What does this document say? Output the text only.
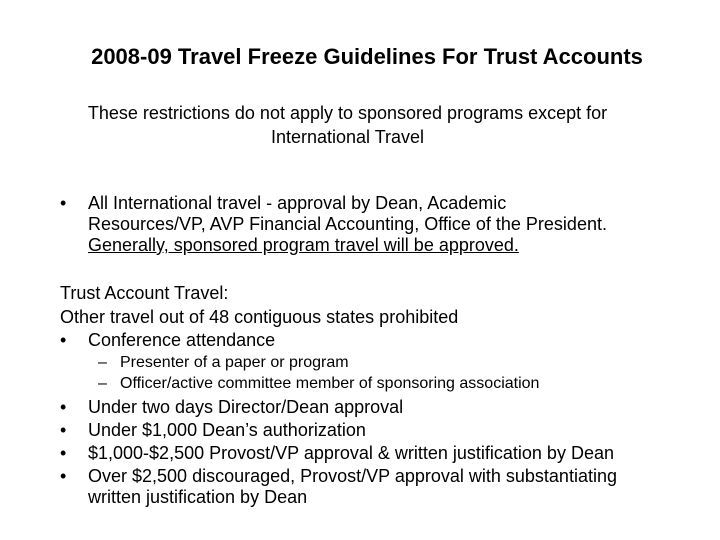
2008-09 Travel Freeze Guidelines For Trust Accounts
These restrictions do not apply to sponsored programs except for
International Travel
•	All International travel - approval by Dean, Academic
Resources/VP, AVP Financial Accounting, Office of the President.
Generally, sponsored program travel will be approved.
Trust Account Travel:
Other travel out of 48 contiguous states prohibited
•	Conference attendance
– Presenter of a paper or program
– Officer/active committee member of sponsoring association
•	Under two days Director/Dean approval
•	Under $1,000 Dean’s authorization
•	$1,000-$2,500 Provost/VP approval & written justification by Dean
•	Over $2,500 discouraged, Provost/VP approval with substantiating
written justification by Dean
